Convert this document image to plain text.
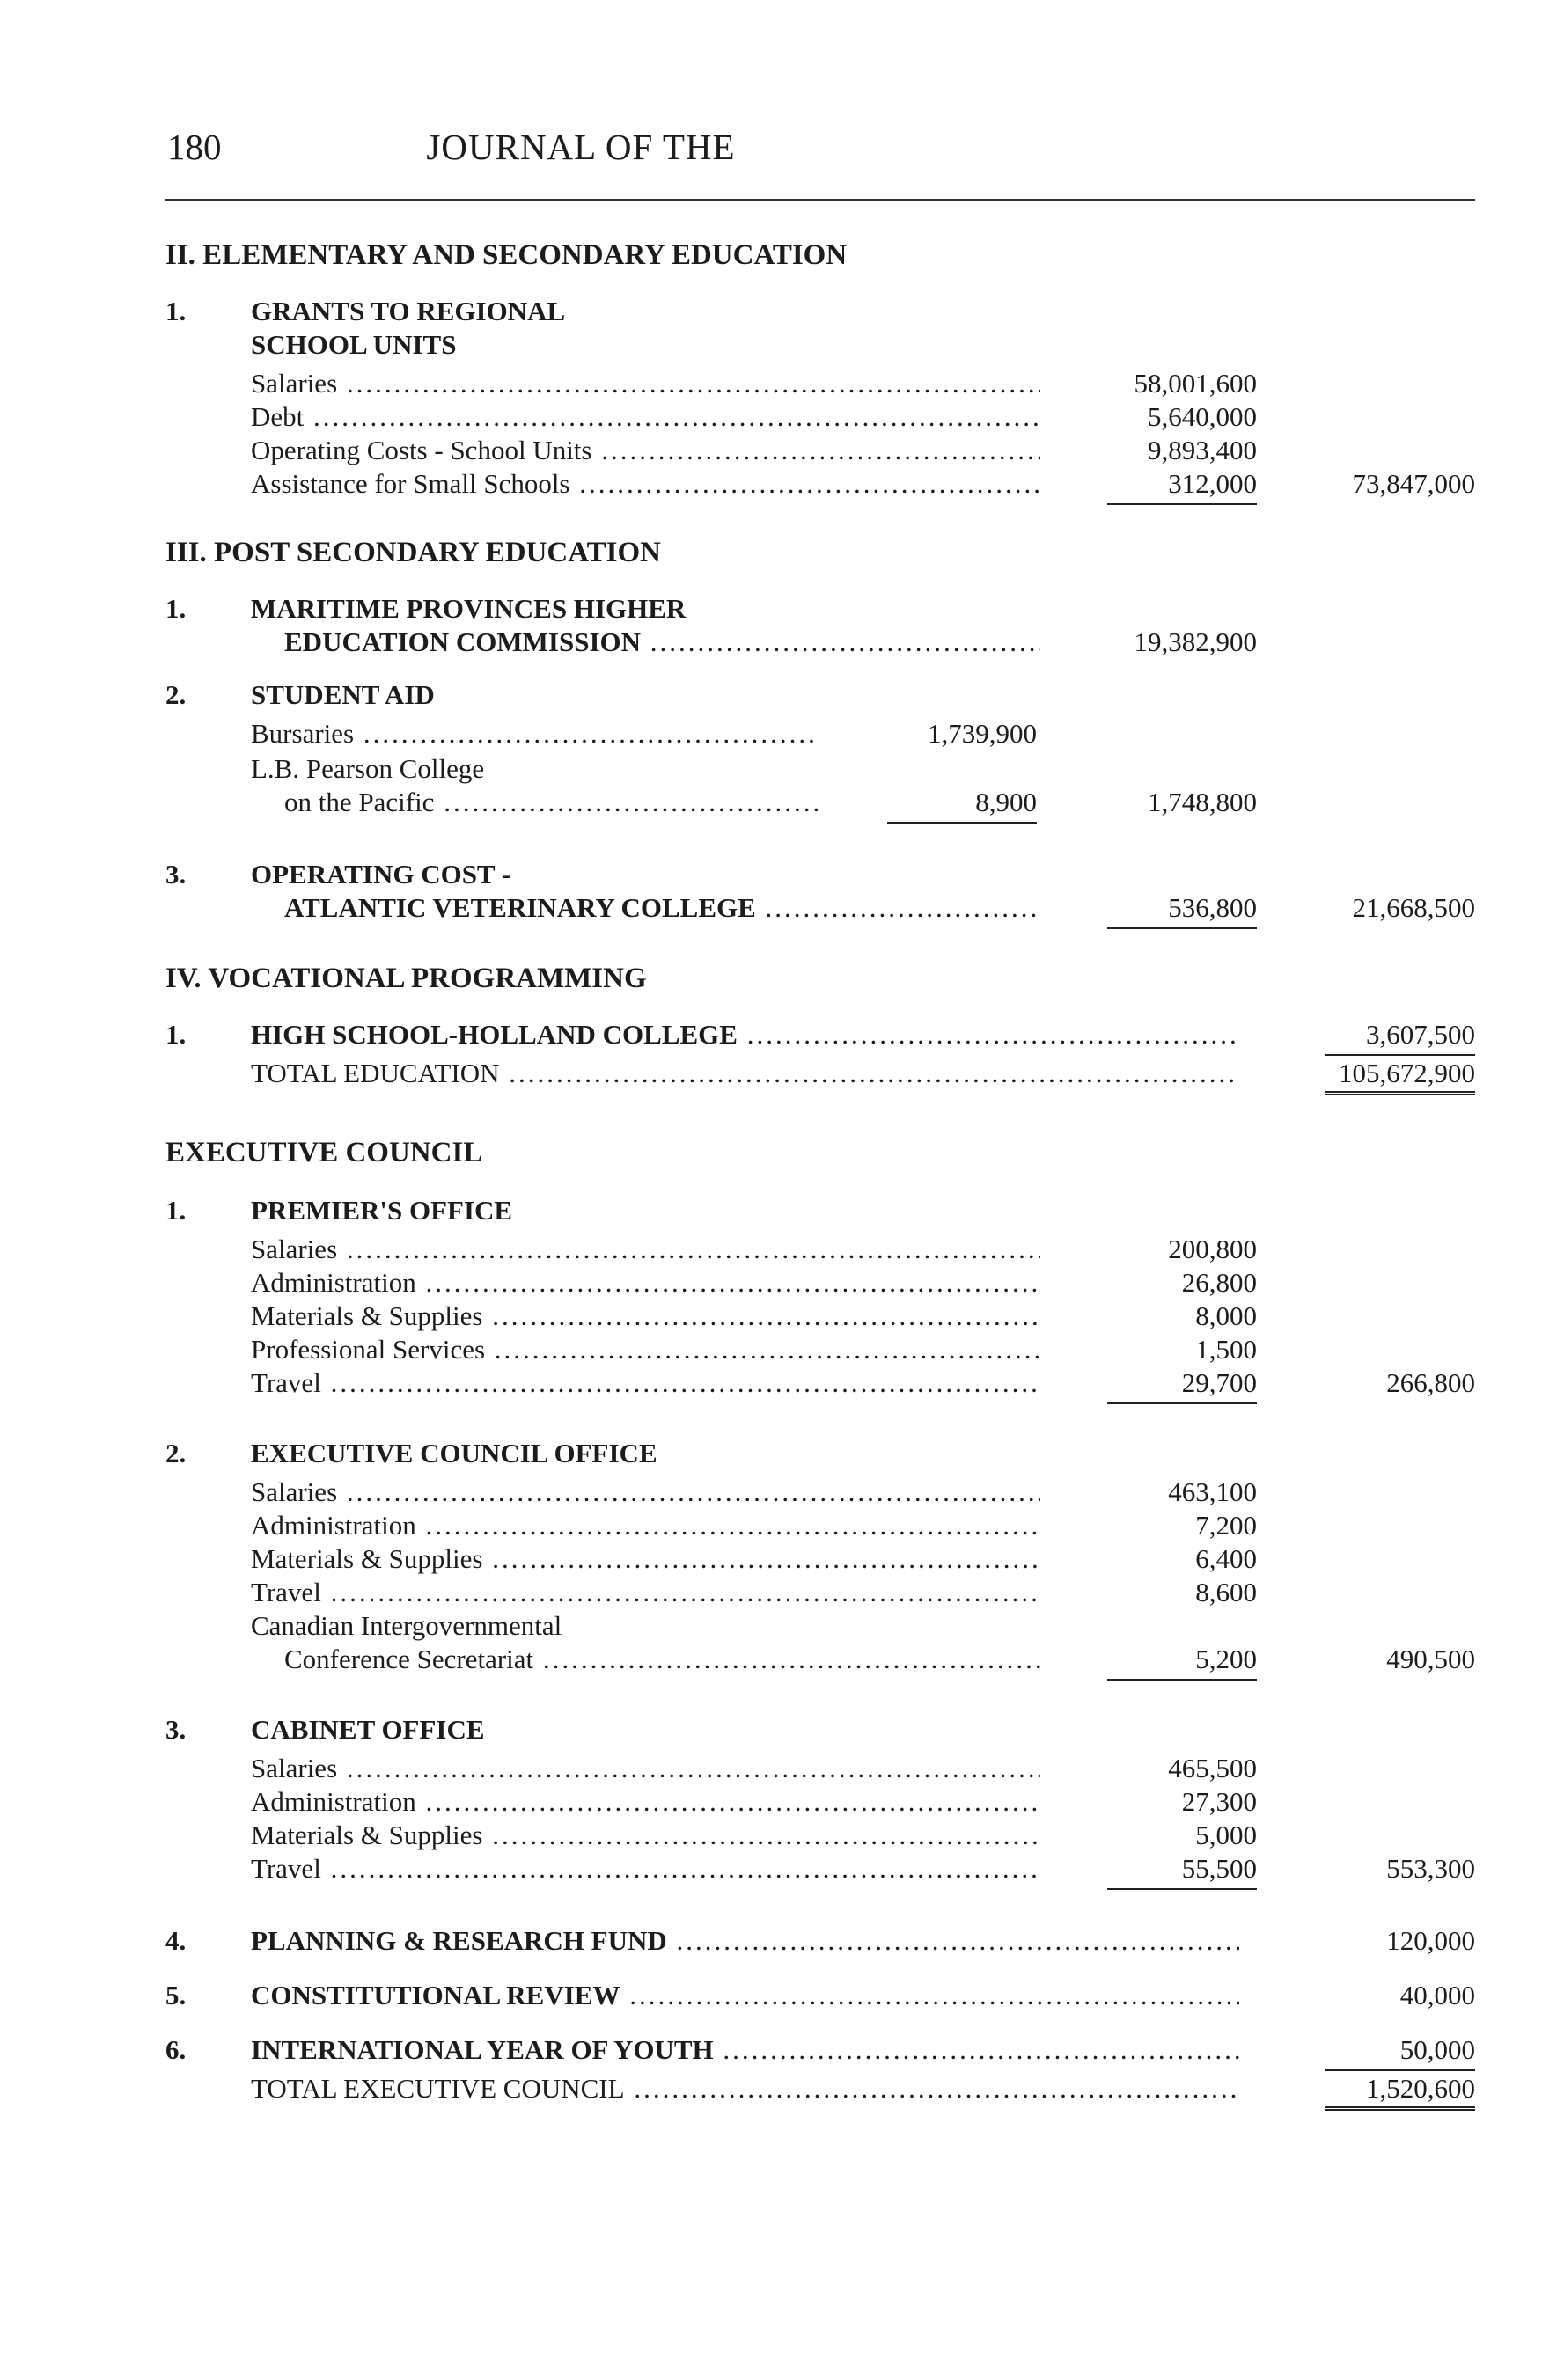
180	JOURNAL OF THE
II. ELEMENTARY AND SECONDARY EDUCATION
1. GRANTS TO REGIONAL
SCHOOL UNITS
Salaries .....	58,001,600
Debt .....	5,640,000
Operating Costs - School Units .....	9,893,400
Assistance for Small Schools .....	312,000	73,847,000
III. POST SECONDARY EDUCATION
1. MARITIME PROVINCES HIGHER
EDUCATION COMMISSION .....	19,382,900
2. STUDENT AID
Bursaries .....	1,739,900
L.B. Pearson College
on the Pacific .....	8,900	1,748,800
3. OPERATING COST -
ATLANTIC VETERINARY COLLEGE .....	536,800	21,668,500
IV. VOCATIONAL PROGRAMMING
1. HIGH SCHOOL-HOLLAND COLLEGE .....	3,607,500
TOTAL EDUCATION .....	105,672,900
EXECUTIVE COUNCIL
1. PREMIER'S OFFICE
Salaries .....	200,800
Administration .....	26,800
Materials & Supplies .....	8,000
Professional Services .....	1,500
Travel .....	29,700	266,800
2. EXECUTIVE COUNCIL OFFICE
Salaries .....	463,100
Administration .....	7,200
Materials & Supplies .....	6,400
Travel .....	8,600
Canadian Intergovernmental
Conference Secretariat .....	5,200	490,500
3. CABINET OFFICE
Salaries .....	465,500
Administration .....	27,300
Materials & Supplies .....	5,000
Travel .....	55,500	553,300
4. PLANNING & RESEARCH FUND .....	120,000
5. CONSTITUTIONAL REVIEW .....	40,000
6. INTERNATIONAL YEAR OF YOUTH .....	50,000
TOTAL EXECUTIVE COUNCIL .....	1,520,600
